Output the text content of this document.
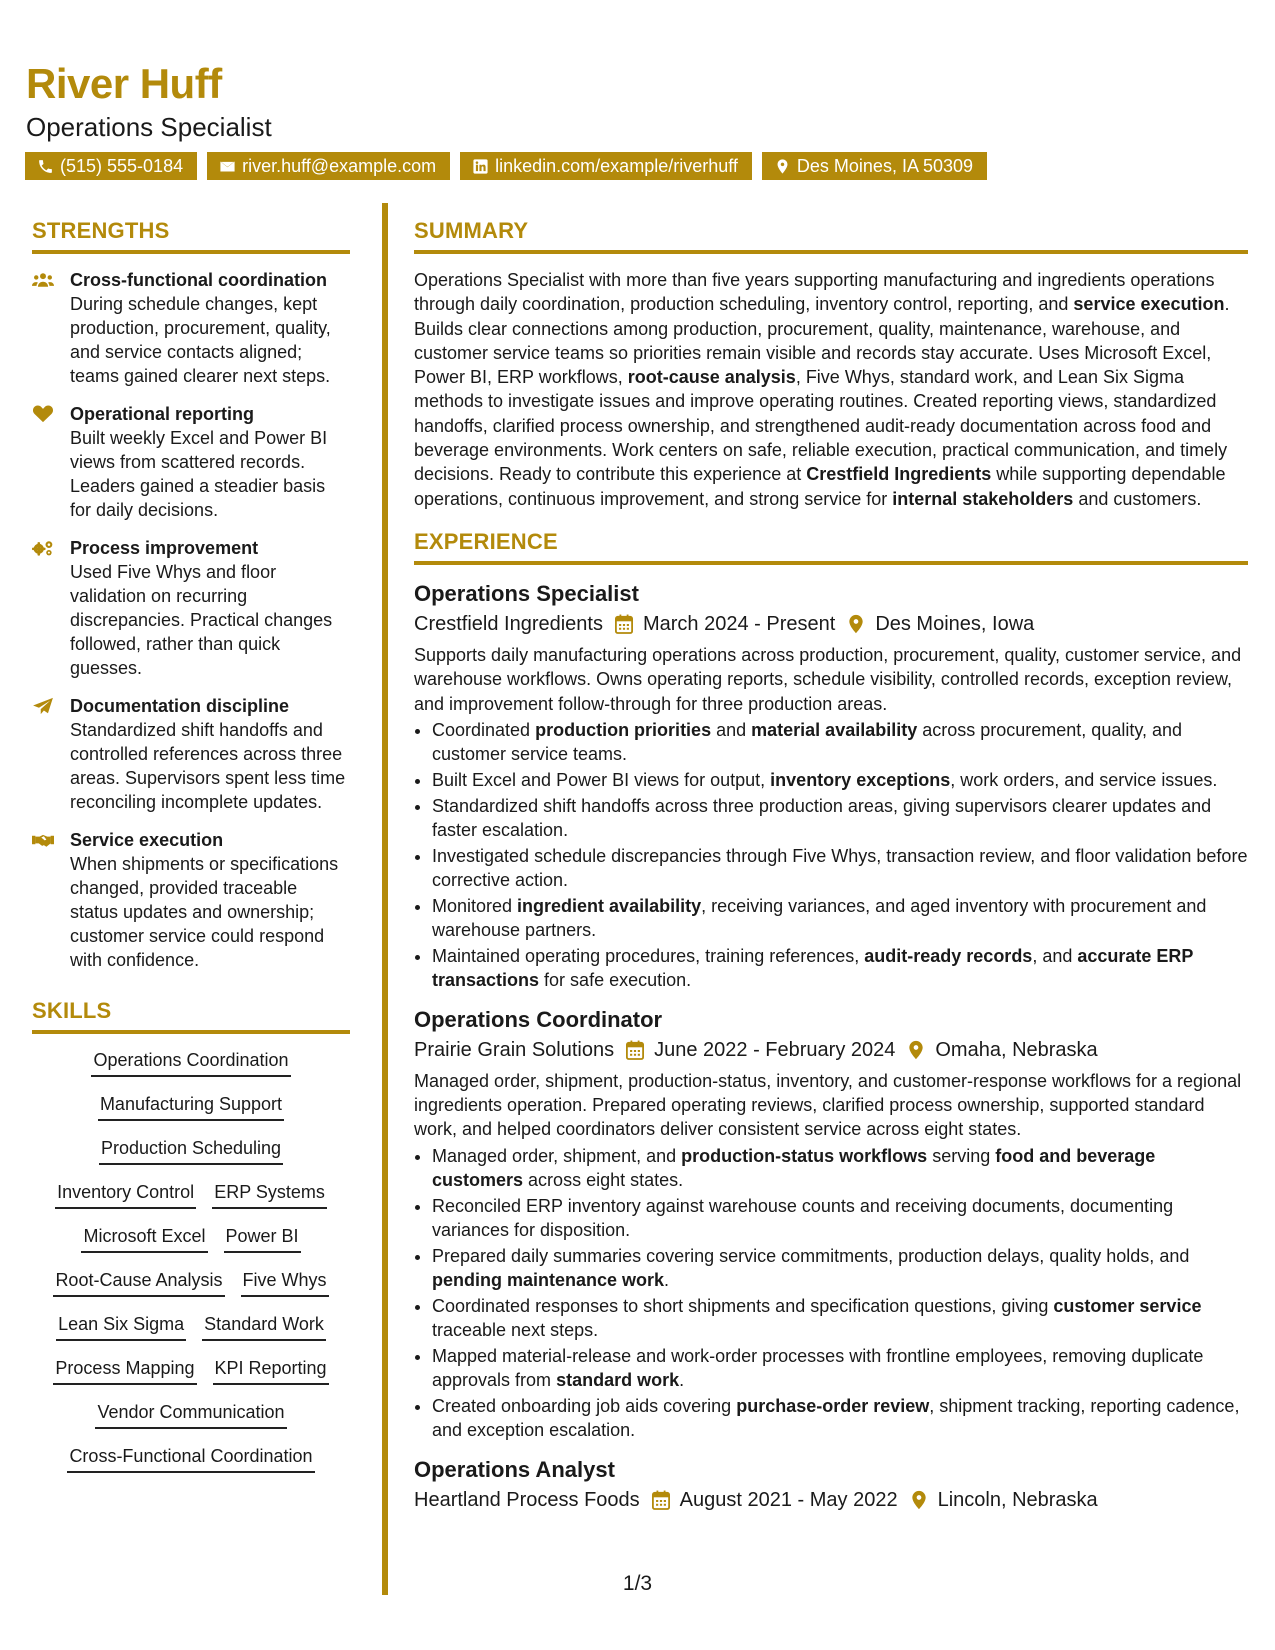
River Huff
Operations Specialist
(515) 555-0184	river.huff@example.com	linkedin.com/example/riverhuff	Des Moines, IA 50309
STRENGTHS
Cross-functional coordination
During schedule changes, kept production, procurement, quality, and service contacts aligned; teams gained clearer next steps.
Operational reporting
Built weekly Excel and Power BI views from scattered records. Leaders gained a steadier basis for daily decisions.
Process improvement
Used Five Whys and floor validation on recurring discrepancies. Practical changes followed, rather than quick guesses.
Documentation discipline
Standardized shift handoffs and controlled references across three areas. Supervisors spent less time reconciling incomplete updates.
Service execution
When shipments or specifications changed, provided traceable status updates and ownership; customer service could respond with confidence.
SKILLS
Operations Coordination
Manufacturing Support
Production Scheduling
Inventory Control ERP Systems
Microsoft Excel Power BI
Root-Cause Analysis Five Whys
Lean Six Sigma Standard Work
Process Mapping KPI Reporting
Vendor Communication
Cross-Functional Coordination
SUMMARY
Operations Specialist with more than five years supporting manufacturing and ingredients operations through daily coordination, production scheduling, inventory control, reporting, and service execution. Builds clear connections among production, procurement, quality, maintenance, warehouse, and customer service teams so priorities remain visible and records stay accurate. Uses Microsoft Excel, Power BI, ERP workflows, root-cause analysis, Five Whys, standard work, and Lean Six Sigma methods to investigate issues and improve operating routines. Created reporting views, standardized handoffs, clarified process ownership, and strengthened audit-ready documentation across food and beverage environments. Work centers on safe, reliable execution, practical communication, and timely decisions. Ready to contribute this experience at Crestfield Ingredients while supporting dependable operations, continuous improvement, and strong service for internal stakeholders and customers.
EXPERIENCE
Operations Specialist
Crestfield Ingredients March 2024 - Present Des Moines, Iowa
Supports daily manufacturing operations across production, procurement, quality, customer service, and warehouse workflows. Owns operating reports, schedule visibility, controlled records, exception review, and improvement follow-through for three production areas.
• Coordinated production priorities and material availability across procurement, quality, and customer service teams.
• Built Excel and Power BI views for output, inventory exceptions, work orders, and service issues.
• Standardized shift handoffs across three production areas, giving supervisors clearer updates and faster escalation.
• Investigated schedule discrepancies through Five Whys, transaction review, and floor validation before corrective action.
• Monitored ingredient availability, receiving variances, and aged inventory with procurement and warehouse partners.
• Maintained operating procedures, training references, audit-ready records, and accurate ERP transactions for safe execution.
Operations Coordinator
Prairie Grain Solutions June 2022 - February 2024 Omaha, Nebraska
Managed order, shipment, production-status, inventory, and customer-response workflows for a regional ingredients operation. Prepared operating reviews, clarified process ownership, supported standard work, and helped coordinators deliver consistent service across eight states.
• Managed order, shipment, and production-status workflows serving food and beverage customers across eight states.
• Reconciled ERP inventory against warehouse counts and receiving documents, documenting variances for disposition.
• Prepared daily summaries covering service commitments, production delays, quality holds, and pending maintenance work.
• Coordinated responses to short shipments and specification questions, giving customer service traceable next steps.
• Mapped material-release and work-order processes with frontline employees, removing duplicate approvals from standard work.
• Created onboarding job aids covering purchase-order review, shipment tracking, reporting cadence, and exception escalation.
Operations Analyst
Heartland Process Foods August 2021 - May 2022 Lincoln, Nebraska
1/3
